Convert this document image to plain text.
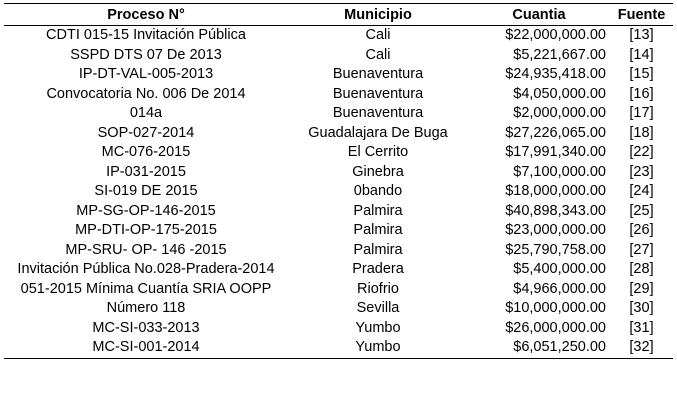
Proceso N°	Municipio	Cuantia	Fuente
CDTI 015-15 Invitación Pública	Cali	$22,000,000.00	[13]
SSPD DTS 07 De 2013	Cali	$5,221,667.00	[14]
IP-DT-VAL-005-2013	Buenaventura	$24,935,418.00	[15]
Convocatoria No. 006 De 2014	Buenaventura	$4,050,000.00	[16]
014a	Buenaventura	$2,000,000.00	[17]
SOP-027-2014	Guadalajara De Buga	$27,226,065.00	[18]
MC-076-2015	El Cerrito	$17,991,340.00	[22]
IP-031-2015	Ginebra	$7,100,000.00	[23]
SI-019 DE 2015	0bando	$18,000,000.00	[24]
MP-SG-OP-146-2015	Palmira	$40,898,343.00	[25]
MP-DTI-OP-175-2015	Palmira	$23,000,000.00	[26]
MP-SRU- OP- 146 -2015	Palmira	$25,790,758.00	[27]
Invitación Pública No.028-Pradera-2014	Pradera	$5,400,000.00	[28]
051-2015 Mínima Cuantía SRIA OOPP	Riofrio	$4,966,000.00	[29]
Número 118	Sevilla	$10,000,000.00	[30]
MC-SI-033-2013	Yumbo	$26,000,000.00	[31]
MC-SI-001-2014	Yumbo	$6,051,250.00	[32]
